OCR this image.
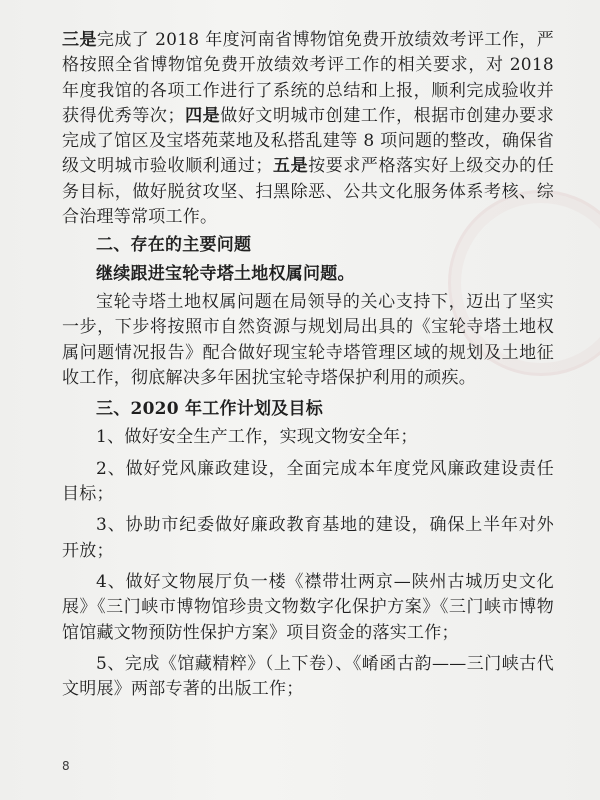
三是完成了 2018 年度河南省博物馆免费开放绩效考评工作，严格按照全省博物馆免费开放绩效考评工作的相关要求，对 2018 年度我馆的各项工作进行了系统的总结和上报，顺利完成验收并获得优秀等次；四是做好文明城市创建工作，根据市创建办要求完成了馆区及宝塔苑菜地及私搭乱建等 8 项问题的整改，确保省级文明城市验收顺利通过；五是按要求严格落实好上级交办的任务目标，做好脱贫攻坚、扫黑除恶、公共文化服务体系考核、综合治理等常项工作。

二、存在的主要问题

继续跟进宝轮寺塔土地权属问题。

宝轮寺塔土地权属问题在局领导的关心支持下，迈出了坚实一步，下步将按照市自然资源与规划局出具的《宝轮寺塔土地权属问题情况报告》配合做好现宝轮寺塔管理区域的规划及土地征收工作，彻底解决多年困扰宝轮寺塔保护利用的顽疾。

三、2020 年工作计划及目标

1、做好安全生产工作，实现文物安全年；

2、做好党风廉政建设，全面完成本年度党风廉政建设责任目标；

3、协助市纪委做好廉政教育基地的建设，确保上半年对外开放；

4、做好文物展厅负一楼《襟带壮两京—陕州古城历史文化展》《三门峡市博物馆珍贵文物数字化保护方案》《三门峡市博物馆馆藏文物预防性保护方案》项目资金的落实工作；

5、完成《馆藏精粹》（上下卷）、《崤函古韵——三门峡古代文明展》两部专著的出版工作；

8
